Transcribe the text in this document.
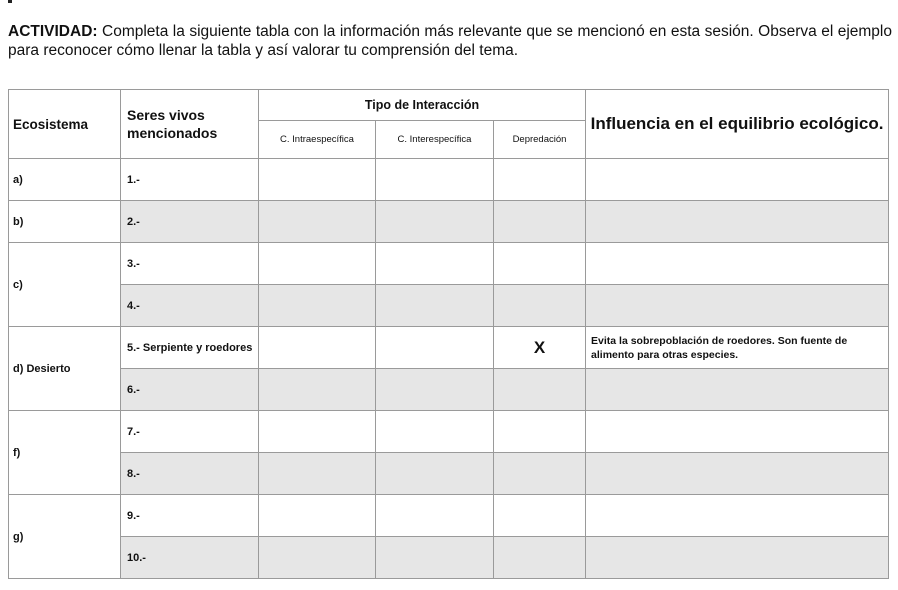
ACTIVIDAD: Completa la siguiente tabla con la información más relevante que se mencionó en esta sesión. Observa el ejemplo para reconocer cómo llenar la tabla y así valorar tu comprensión del tema.
Ecosistema	Seres vivos mencionados	Tipo de Interacción			Influencia en el equilibrio ecológico.
		C. Intraespecífica	C. Interespecífica	Depredación	
a)	1.-				
b)	2.-				
c)	3.-				
	4.-				
d) Desierto	5.- Serpiente y roedores			X	Evita la sobrepoblación de roedores. Son fuente de alimento para otras especies.
	6.-				
f)	7.-				
	8.-				
g)	9.-				
	10.-				
